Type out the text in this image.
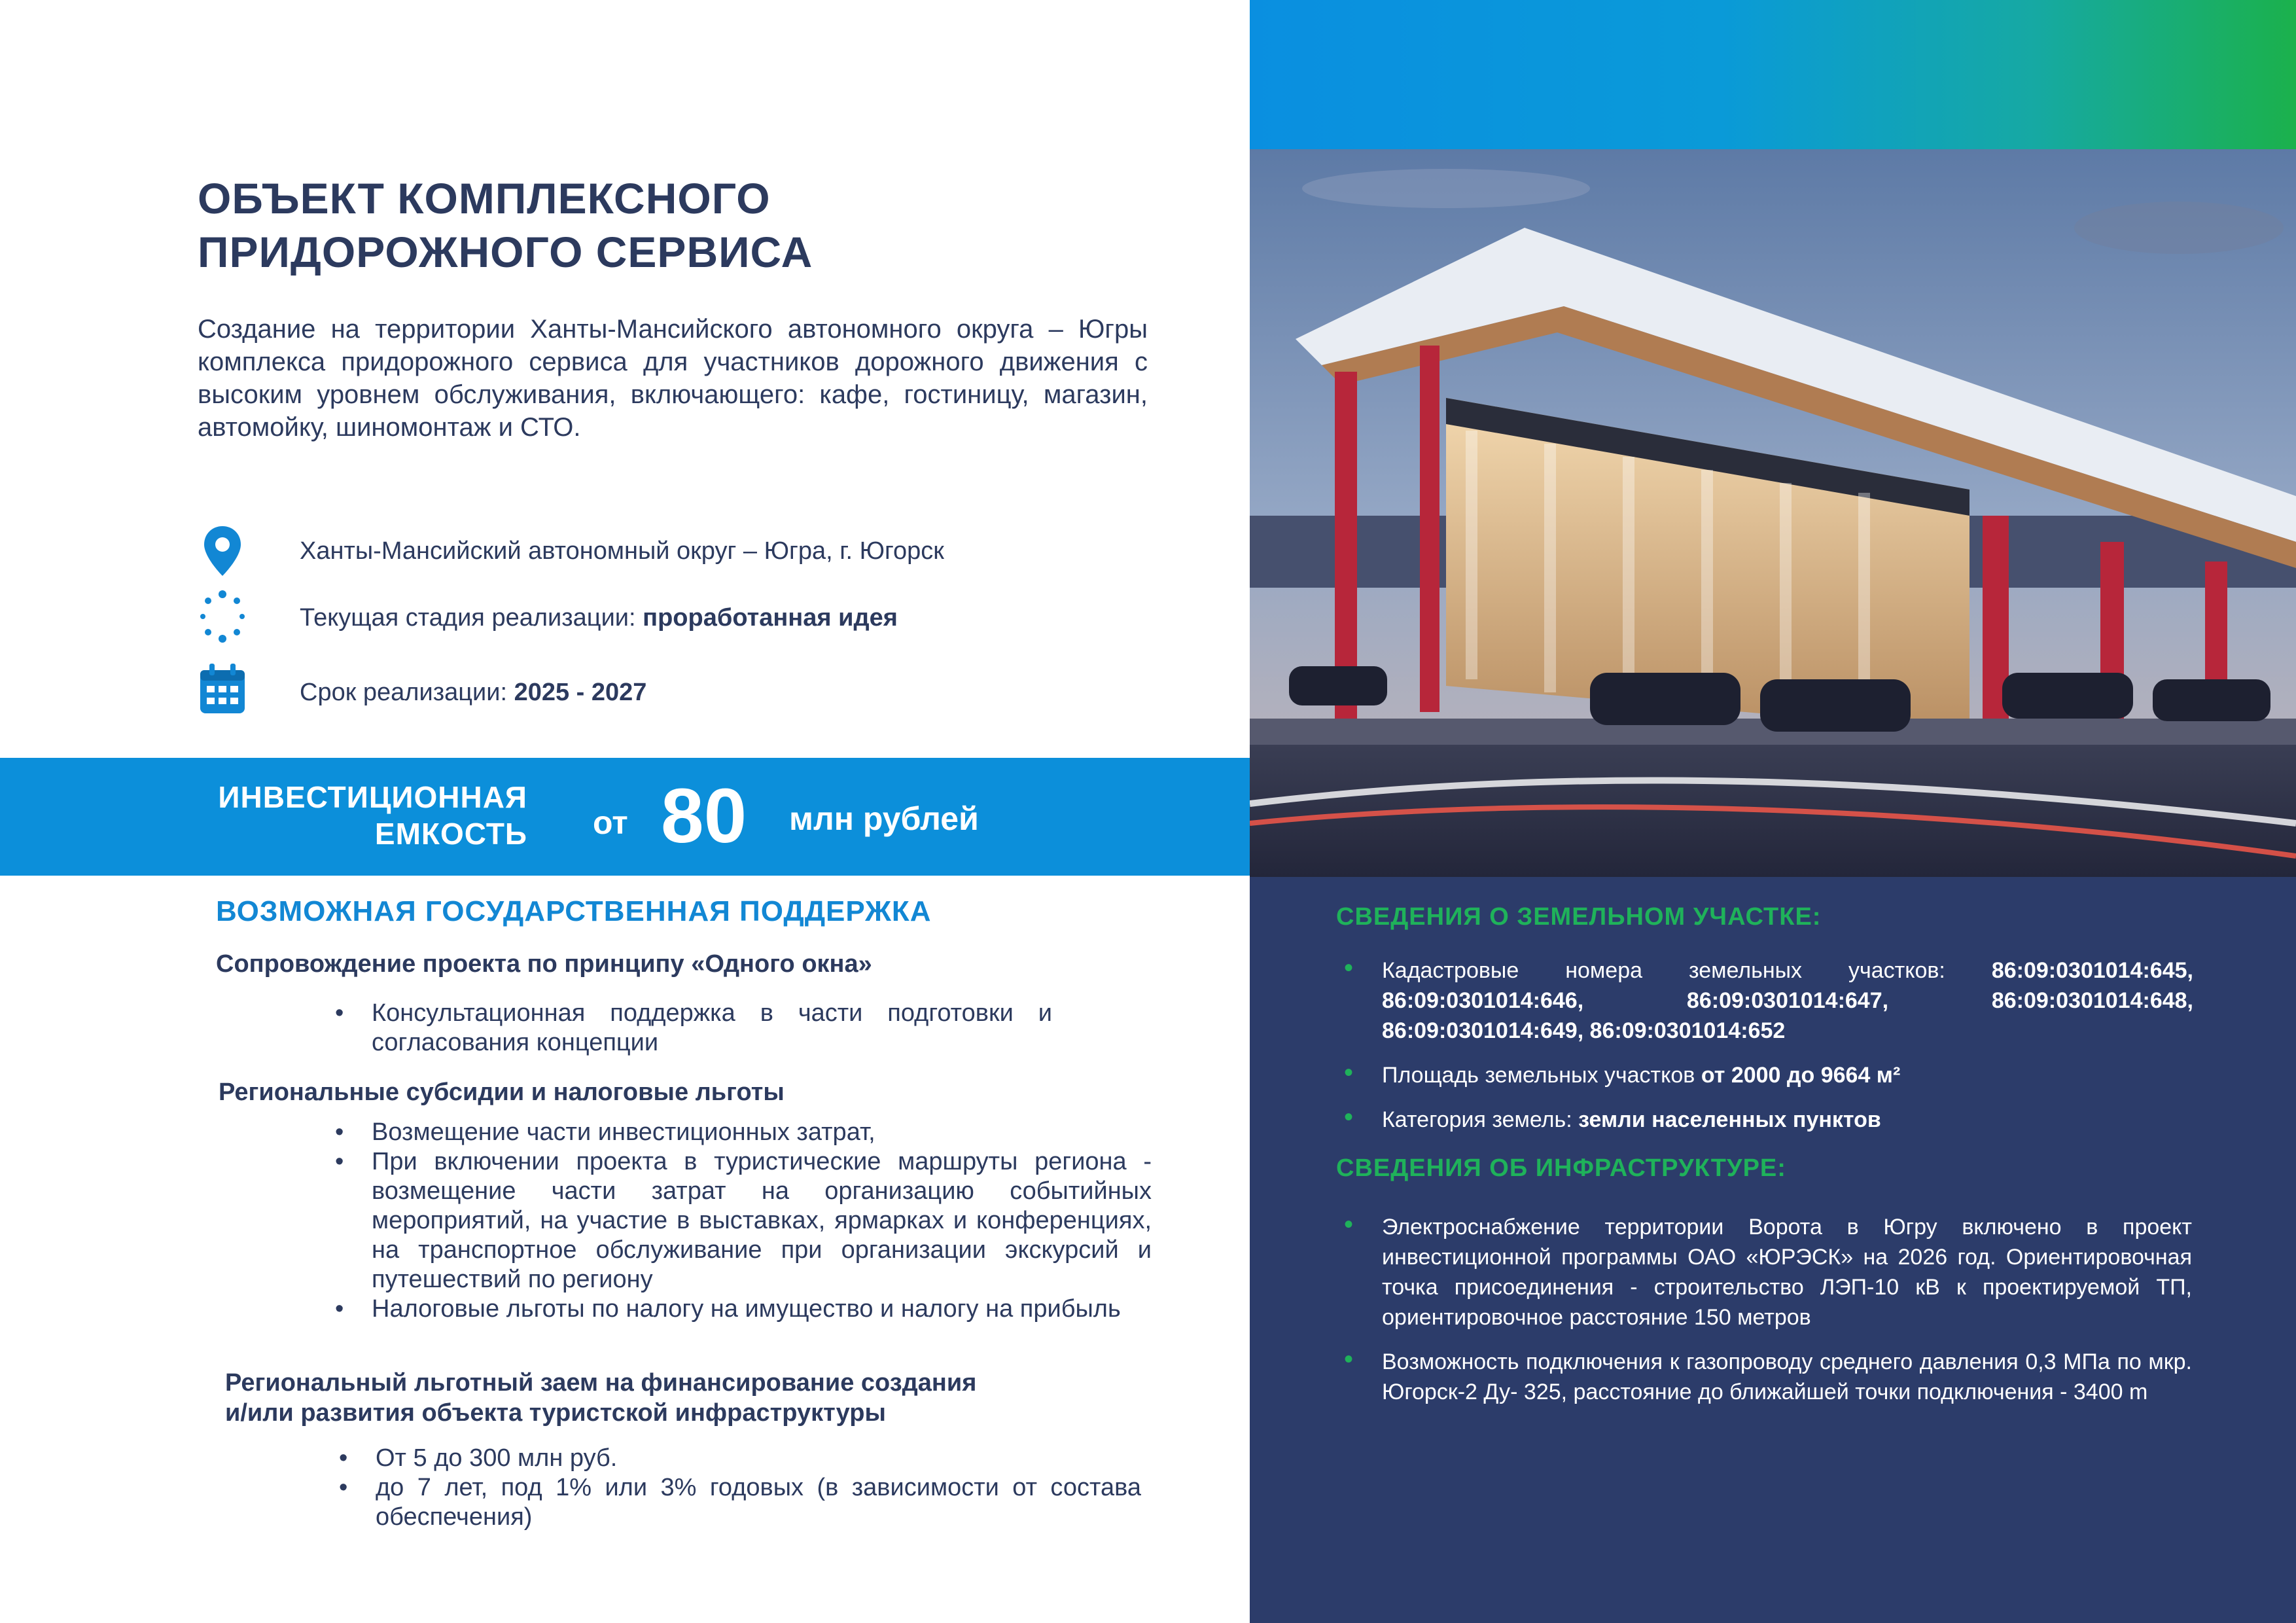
ОБЪЕКТ КОМПЛЕКСНОГО
ПРИДОРОЖНОГО СЕРВИСА
Создание на территории Ханты-Мансийского автономного округа – Югры комплекса придорожного сервиса для участников дорожного движения с высоким уровнем обслуживания, включающего: кафе, гостиницу, магазин, автомойку, шиномонтаж и СТО.
Ханты-Мансийский автономный округ – Югра, г. Югорск
Текущая стадия реализации: проработанная идея
Срок реализации: 2025 - 2027
ИНВЕСТИЦИОННАЯ
ЕМКОСТЬ от 80 млн рублей
ВОЗМОЖНАЯ ГОСУДАРСТВЕННАЯ ПОДДЕРЖКА
Сопровождение проекта по принципу «Одного окна»
• Консультационная поддержка в части подготовки и согласования концепции
Региональные субсидии и налоговые льготы
• Возмещение части инвестиционных затрат,
• При включении проекта в туристические маршруты региона - возмещение части затрат на организацию событийных мероприятий, на участие в выставках, ярмарках и конференциях, на транспортное обслуживание при организации экскурсий и путешествий по региону
• Налоговые льготы по налогу на имущество и налогу на прибыль
Региональный льготный заем на финансирование создания
и/или развития объекта туристской инфраструктуры
• От 5 до 300 млн руб.
• до 7 лет, под 1% или 3% годовых (в зависимости от состава обеспечения)
СВЕДЕНИЯ О ЗЕМЕЛЬНОМ УЧАСТКЕ:
• Кадастровые номера земельных участков: 86:09:0301014:645, 86:09:0301014:646, 86:09:0301014:647, 86:09:0301014:648, 86:09:0301014:649, 86:09:0301014:652
• Площадь земельных участков от 2000 до 9664 м²
• Категория земель: земли населенных пунктов
СВЕДЕНИЯ ОБ ИНФРАСТРУКТУРЕ:
• Электроснабжение территории Ворота в Югру включено в проект инвестиционной программы ОАО «ЮРЭСК» на 2026 год. Ориентировочная точка присоединения - строительство ЛЭП-10 кВ к проектируемой ТП, ориентировочное расстояние 150 метров
• Возможность подключения к газопроводу среднего давления 0,3 МПа по мкр. Югорск-2 Ду- 325, расстояние до ближайшей точки подключения - 3400 m
